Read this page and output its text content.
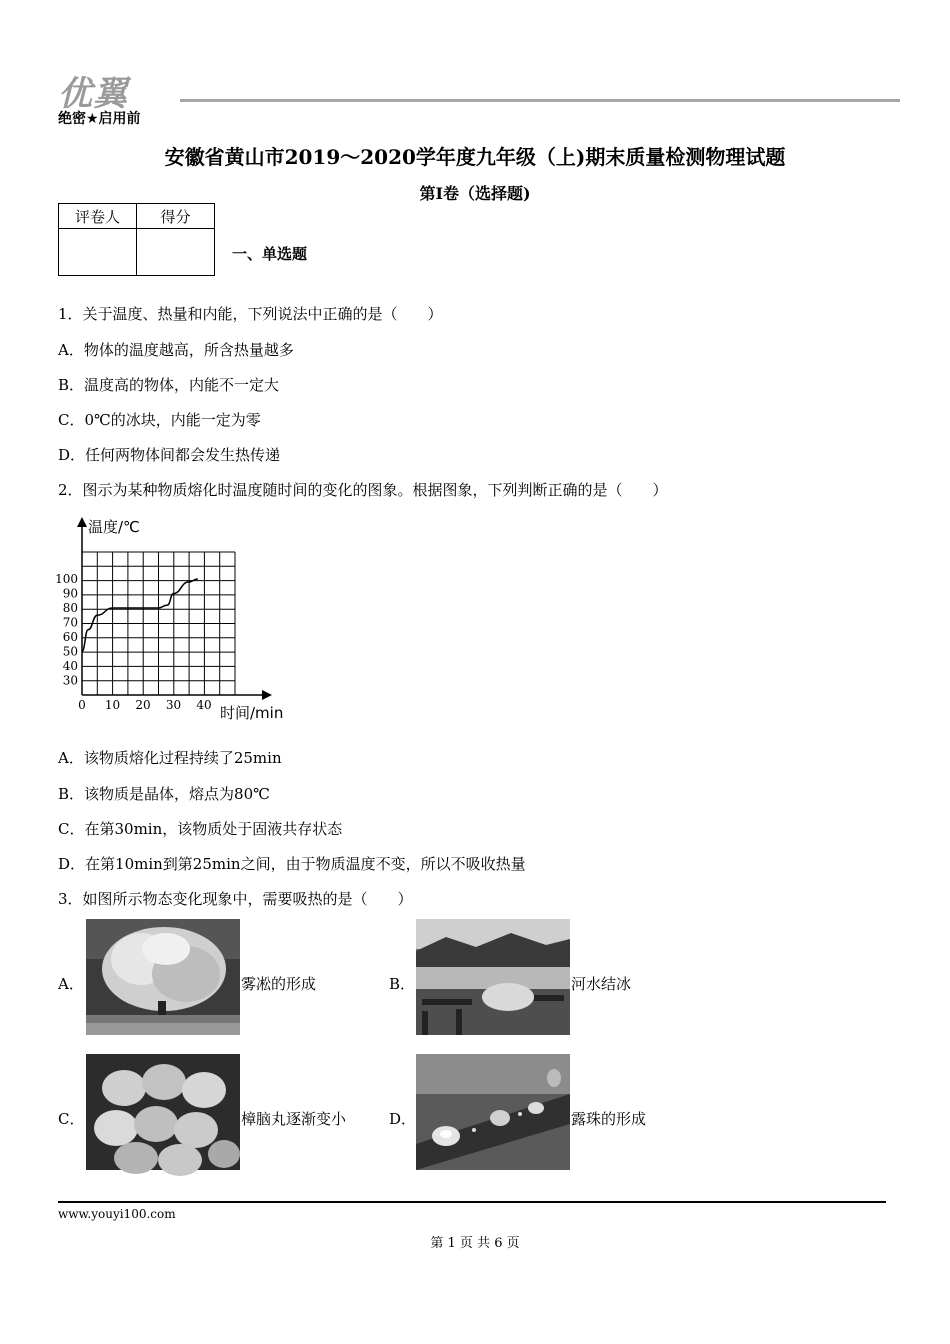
优翼
绝密★启用前
安徽省黄山市2019～2020学年度九年级（上)期末质量检测物理试题
第I卷（选择题)
评卷人	得分

一、单选题
1．关于温度、热量和内能，下列说法中正确的是（　　）
A．物体的温度越高，所含热量越多
B．温度高的物体，内能不一定大
C．0℃的冰块，内能一定为零
D．任何两物体间都会发生热传递
2．图示为某种物质熔化时温度随时间的变化的图象。根据图象，下列判断正确的是（　　）
0 10 20 30 40
30
40
50
60
70
80
90
100
温度/℃
时间/min
A．该物质熔化过程持续了25min
B．该物质是晶体，熔点为80℃
C．在第30min，该物质处于固液共存状态
D．在第10min到第25min之间，由于物质温度不变，所以不吸收热量
3．如图所示物态变化现象中，需要吸热的是（　　）
A．	雾凇的形成	B．	河水结冰
C．	樟脑丸逐渐变小	D．	露珠的形成
www.youyi100.com
第 1 页 共 6 页
